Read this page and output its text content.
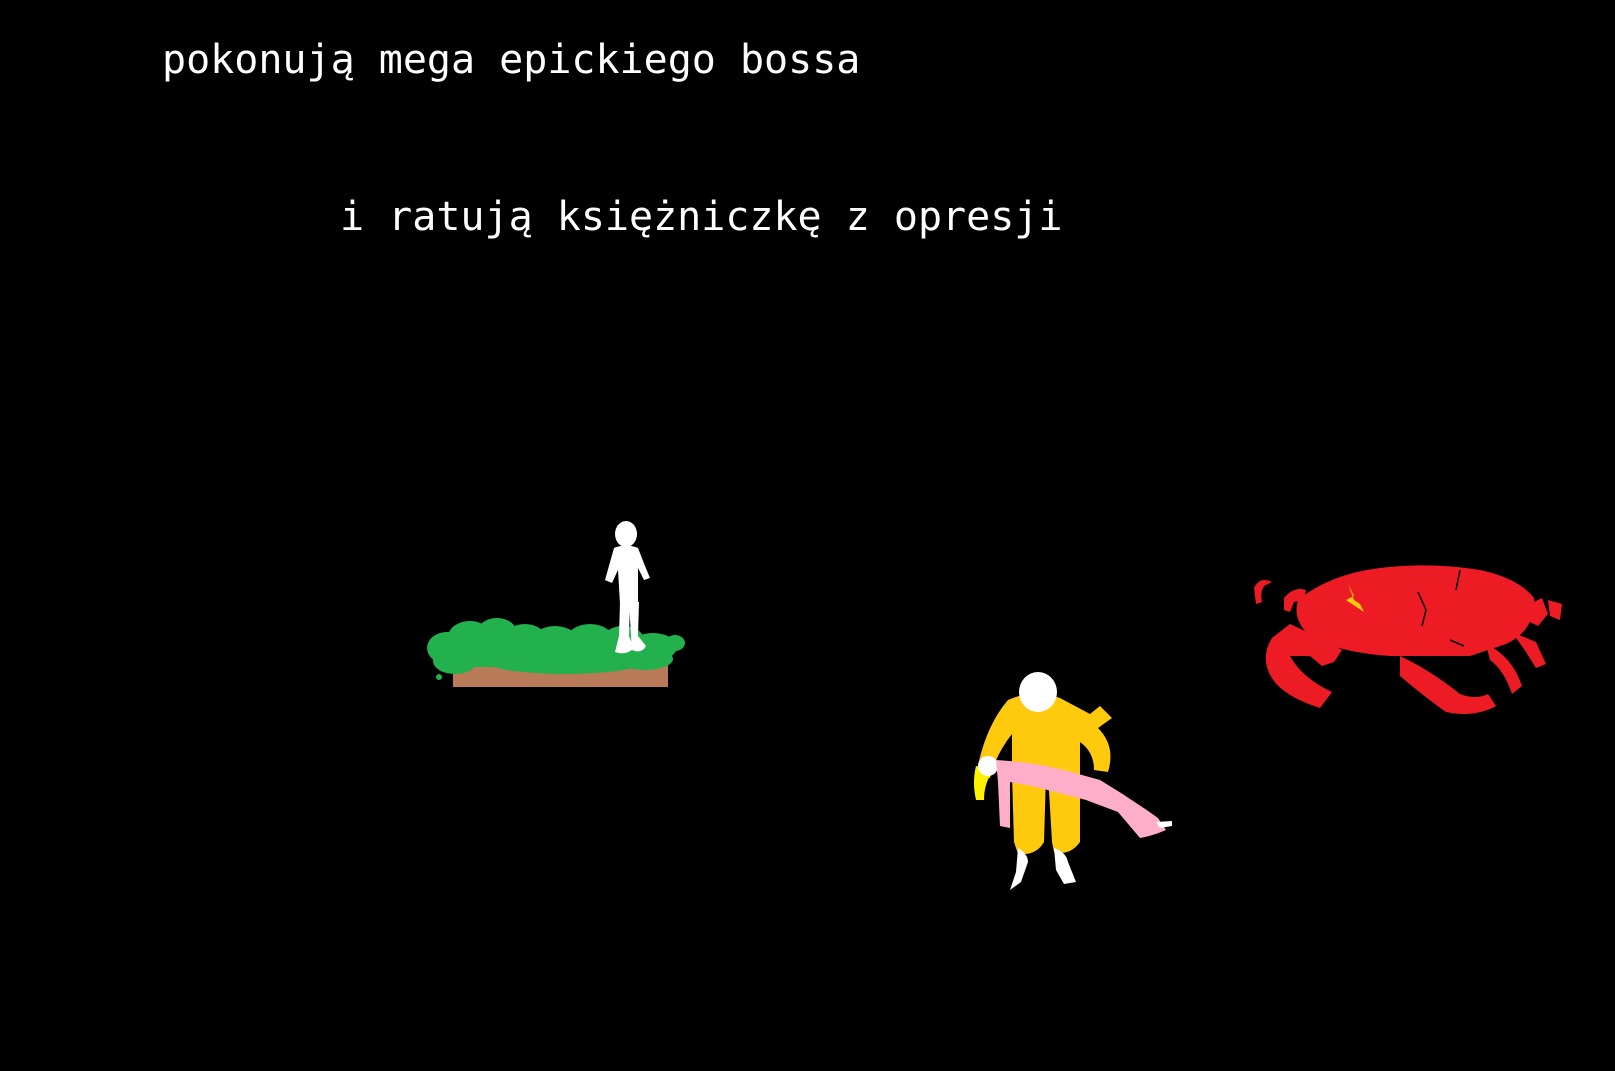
pokonują mega epickiego bossa

i ratują księżniczkę z opresji
